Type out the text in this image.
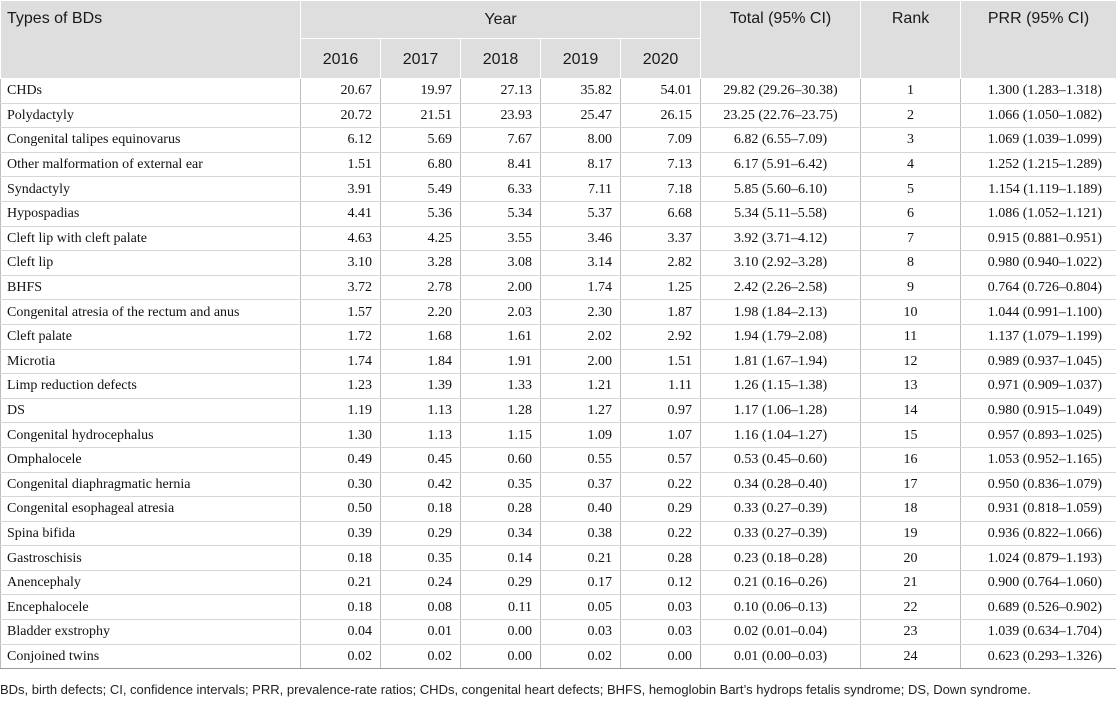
Types of BDs	Year					Total (95% CI)	Rank	PRR (95% CI)
	2016	2017	2018	2019	2020			
CHDs	20.67	19.97	27.13	35.82	54.01	29.82 (29.26–30.38)	1	1.300 (1.283–1.318)
Polydactyly	20.72	21.51	23.93	25.47	26.15	23.25 (22.76–23.75)	2	1.066 (1.050–1.082)
Congenital talipes equinovarus	6.12	5.69	7.67	8.00	7.09	6.82 (6.55–7.09)	3	1.069 (1.039–1.099)
Other malformation of external ear	1.51	6.80	8.41	8.17	7.13	6.17 (5.91–6.42)	4	1.252 (1.215–1.289)
Syndactyly	3.91	5.49	6.33	7.11	7.18	5.85 (5.60–6.10)	5	1.154 (1.119–1.189)
Hypospadias	4.41	5.36	5.34	5.37	6.68	5.34 (5.11–5.58)	6	1.086 (1.052–1.121)
Cleft lip with cleft palate	4.63	4.25	3.55	3.46	3.37	3.92 (3.71–4.12)	7	0.915 (0.881–0.951)
Cleft lip	3.10	3.28	3.08	3.14	2.82	3.10 (2.92–3.28)	8	0.980 (0.940–1.022)
BHFS	3.72	2.78	2.00	1.74	1.25	2.42 (2.26–2.58)	9	0.764 (0.726–0.804)
Congenital atresia of the rectum and anus	1.57	2.20	2.03	2.30	1.87	1.98 (1.84–2.13)	10	1.044 (0.991–1.100)
Cleft palate	1.72	1.68	1.61	2.02	2.92	1.94 (1.79–2.08)	11	1.137 (1.079–1.199)
Microtia	1.74	1.84	1.91	2.00	1.51	1.81 (1.67–1.94)	12	0.989 (0.937–1.045)
Limp reduction defects	1.23	1.39	1.33	1.21	1.11	1.26 (1.15–1.38)	13	0.971 (0.909–1.037)
DS	1.19	1.13	1.28	1.27	0.97	1.17 (1.06–1.28)	14	0.980 (0.915–1.049)
Congenital hydrocephalus	1.30	1.13	1.15	1.09	1.07	1.16 (1.04–1.27)	15	0.957 (0.893–1.025)
Omphalocele	0.49	0.45	0.60	0.55	0.57	0.53 (0.45–0.60)	16	1.053 (0.952–1.165)
Congenital diaphragmatic hernia	0.30	0.42	0.35	0.37	0.22	0.34 (0.28–0.40)	17	0.950 (0.836–1.079)
Congenital esophageal atresia	0.50	0.18	0.28	0.40	0.29	0.33 (0.27–0.39)	18	0.931 (0.818–1.059)
Spina bifida	0.39	0.29	0.34	0.38	0.22	0.33 (0.27–0.39)	19	0.936 (0.822–1.066)
Gastroschisis	0.18	0.35	0.14	0.21	0.28	0.23 (0.18–0.28)	20	1.024 (0.879–1.193)
Anencephaly	0.21	0.24	0.29	0.17	0.12	0.21 (0.16–0.26)	21	0.900 (0.764–1.060)
Encephalocele	0.18	0.08	0.11	0.05	0.03	0.10 (0.06–0.13)	22	0.689 (0.526–0.902)
Bladder exstrophy	0.04	0.01	0.00	0.03	0.03	0.02 (0.01–0.04)	23	1.039 (0.634–1.704)
Conjoined twins	0.02	0.02	0.00	0.02	0.00	0.01 (0.00–0.03)	24	0.623 (0.293–1.326)
BDs, birth defects; CI, confidence intervals; PRR, prevalence-rate ratios; CHDs, congenital heart defects; BHFS, hemoglobin Bart’s hydrops fetalis syndrome; DS, Down syndrome.
